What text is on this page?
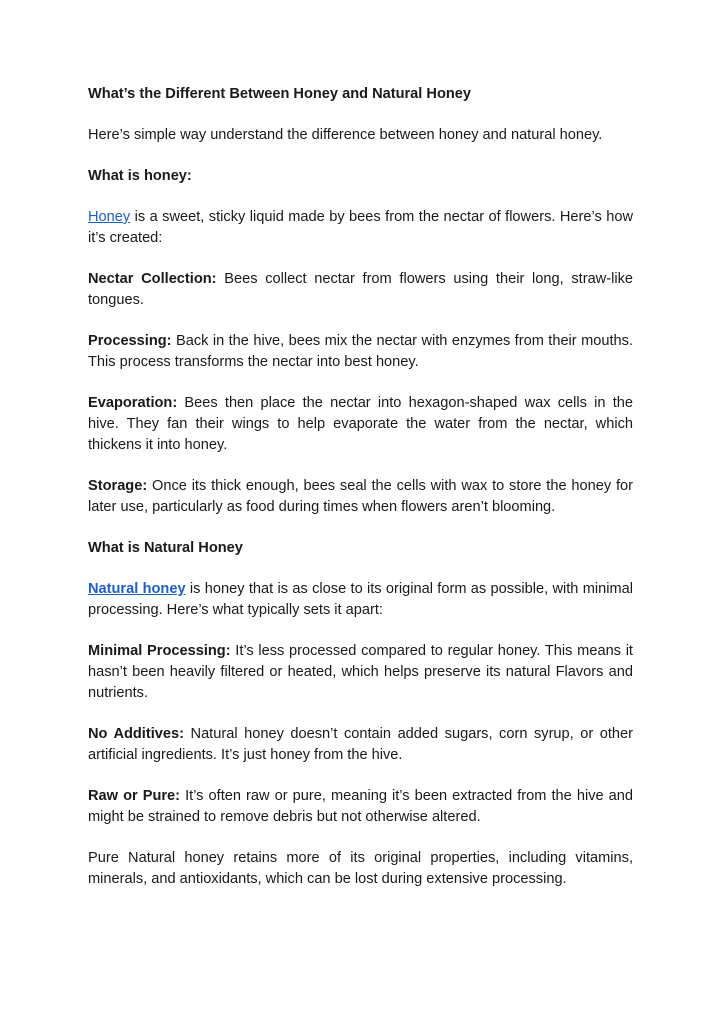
What’s the Different Between Honey and Natural Honey

Here’s simple way understand the difference between honey and natural honey.

What is honey:

Honey is a sweet, sticky liquid made by bees from the nectar of flowers. Here’s how it’s created:

Nectar Collection: Bees collect nectar from flowers using their long, straw-like tongues.

Processing: Back in the hive, bees mix the nectar with enzymes from their mouths. This process transforms the nectar into best honey.

Evaporation: Bees then place the nectar into hexagon-shaped wax cells in the hive. They fan their wings to help evaporate the water from the nectar, which thickens it into honey.

Storage: Once its thick enough, bees seal the cells with wax to store the honey for later use, particularly as food during times when flowers aren’t blooming.

What is Natural Honey

Natural honey is honey that is as close to its original form as possible, with minimal processing. Here’s what typically sets it apart:

Minimal Processing: It’s less processed compared to regular honey. This means it hasn’t been heavily filtered or heated, which helps preserve its natural Flavors and nutrients.

No Additives: Natural honey doesn’t contain added sugars, corn syrup, or other artificial ingredients. It’s just honey from the hive.

Raw or Pure: It’s often raw or pure, meaning it’s been extracted from the hive and might be strained to remove debris but not otherwise altered.

Pure Natural honey retains more of its original properties, including vitamins, minerals, and antioxidants, which can be lost during extensive processing.
